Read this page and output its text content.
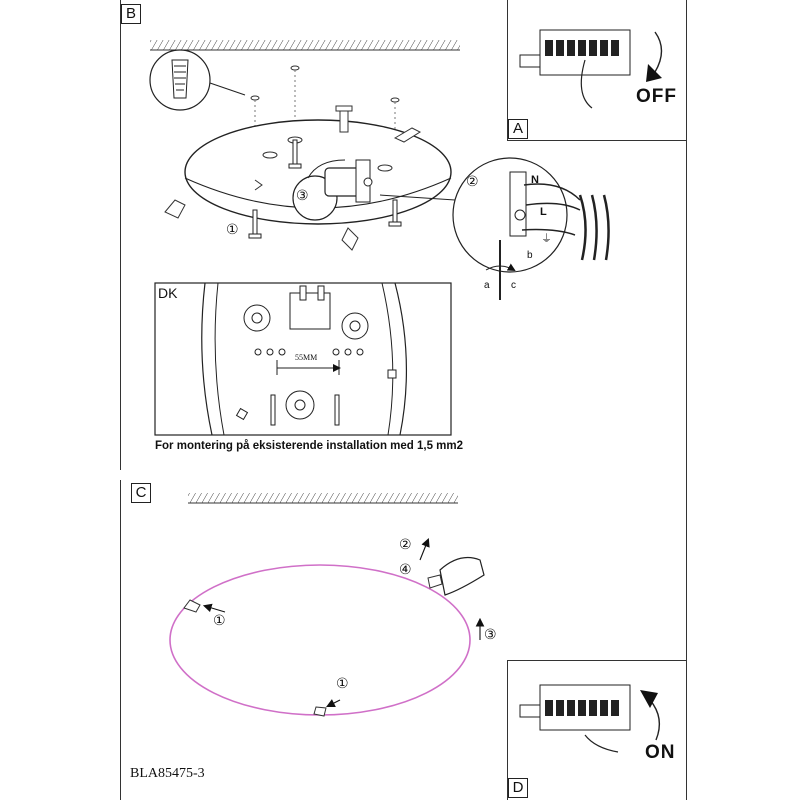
B
A
C
D
①
②
③
N
L
⏚
a
b
c
DK
55MM
For montering på eksisterende installation med 1,5 mm2
OFF
ON
①
①
②
④
③
BLA85475-3
